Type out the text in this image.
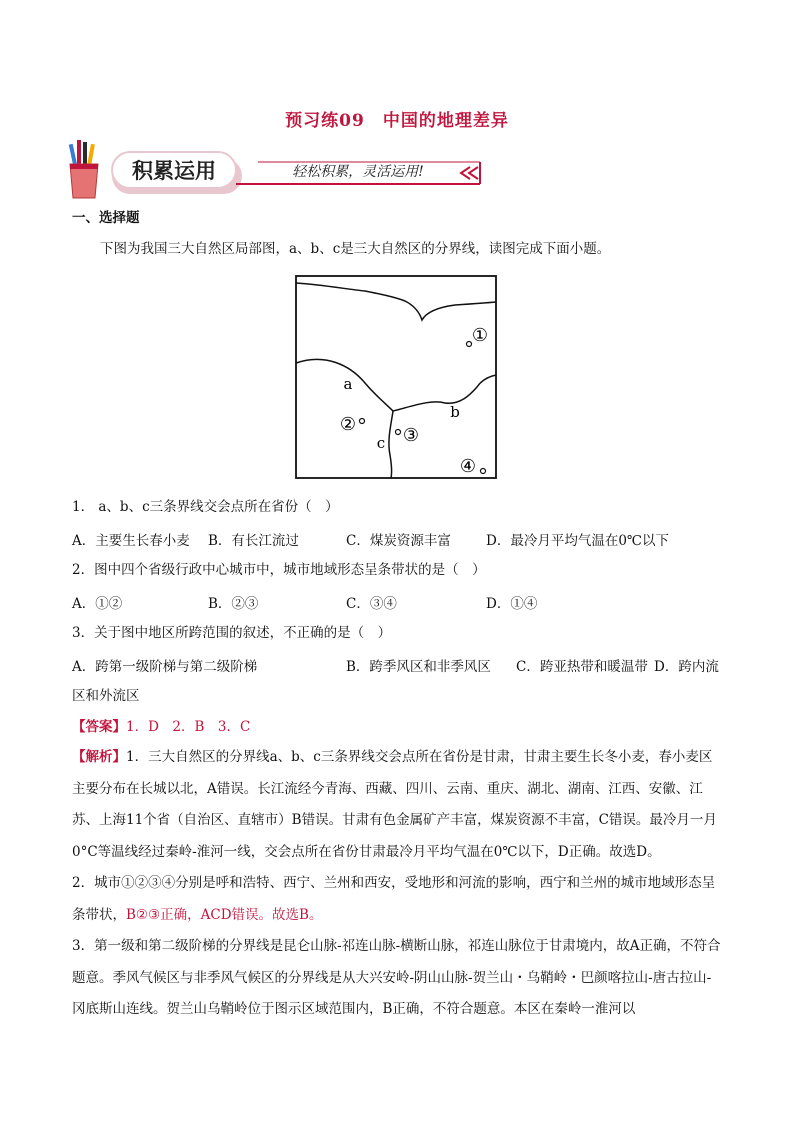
预习练09　中国的地理差异
积累运用	轻松积累，灵活运用!
一、选择题
下图为我国三大自然区局部图，a、b、c是三大自然区的分界线，读图完成下面小题。
①
②
③
④
a
b
c
1． a、b、c三条界线交会点所在省份（　）
A．主要生长春小麦 B．有长江流过	C．煤炭资源丰富	D．最冷月平均气温在0℃以下
2．图中四个省级行政中心城市中，城市地域形态呈条带状的是（　）
A．①②	B．②③	C．③④	D．①④
3．关于图中地区所跨范围的叙述，不正确的是（　）
A．跨第一级阶梯与第二级阶梯	B．跨季风区和非季风区 C．跨亚热带和暖温带 D．跨内流
区和外流区
【答案】1．D　2．B　3．C
【解析】1．三大自然区的分界线a、b、c三条界线交会点所在省份是甘肃，甘肃主要生长冬小麦，春小麦区主要分布在长城以北，A错误。长江流经今青海、西藏、四川、云南、重庆、湖北、湖南、江西、安徽、江苏、上海11个省（自治区、直辖市）B错误。甘肃有色金属矿产丰富，煤炭资源不丰富，C错误。最冷月一月0°C等温线经过秦岭-淮河一线，交会点所在省份甘肃最冷月平均气温在0℃以下，D正确。故选D。
2．城市①②③④分别是呼和浩特、西宁、兰州和西安，受地形和河流的影响，西宁和兰州的城市地域形态呈条带状，B②③正确，ACD错误。故选B。
3．第一级和第二级阶梯的分界线是昆仑山脉-祁连山脉-横断山脉，祁连山脉位于甘肃境内，故A正确，不符合题意。季风气候区与非季风气候区的分界线是从大兴安岭-阴山山脉-贺兰山・乌鞘岭・巴颜喀拉山-唐古拉山-冈底斯山连线。贺兰山乌鞘岭位于图示区域范围内，B正确，不符合题意。本区在秦岭一淮河以
